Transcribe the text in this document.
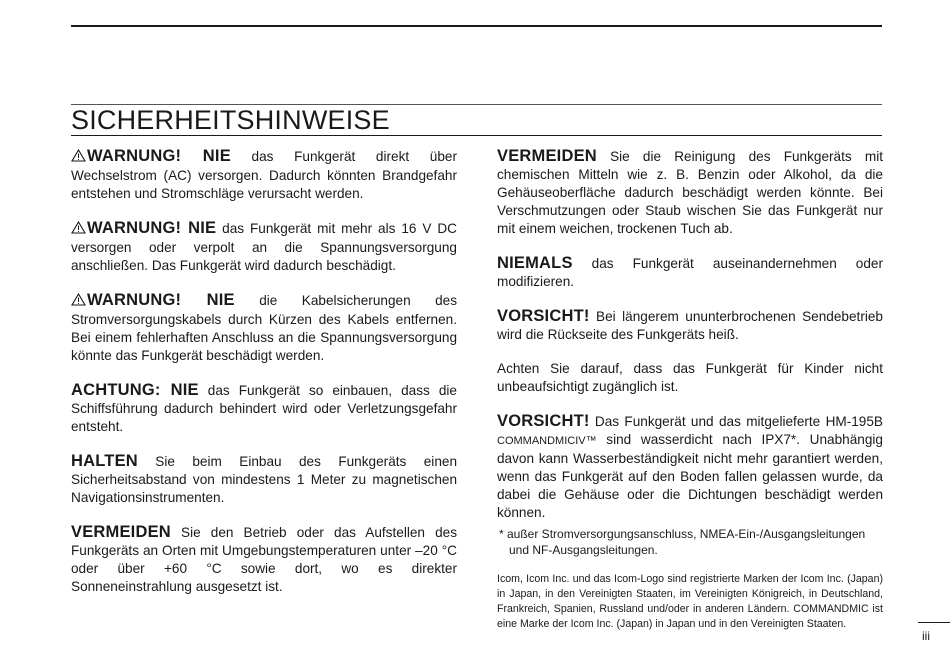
SICHERHEITSHINWEISE

WARNUNG! NIE das Funkgerät direkt über Wechselstrom (AC) versorgen. Dadurch könnten Brandgefahr entstehen und Stromschläge verursacht werden.

WARNUNG! NIE das Funkgerät mit mehr als 16 V DC versorgen oder verpolt an die Spannungsversorgung anschließen. Das Funkgerät wird dadurch beschädigt.

WARNUNG! NIE die Kabelsicherungen des Stromversorgungskabels durch Kürzen des Kabels entfernen. Bei einem fehlerhaften Anschluss an die Spannungsversorgung könnte das Funkgerät beschädigt werden.

ACHTUNG: NIE das Funkgerät so einbauen, dass die Schiffsführung dadurch behindert wird oder Verletzungsgefahr entsteht.

HALTEN Sie beim Einbau des Funkgeräts einen Sicherheitsabstand von mindestens 1 Meter zu magnetischen Navigationsinstrumenten.

VERMEIDEN Sie den Betrieb oder das Aufstellen des Funkgeräts an Orten mit Umgebungstemperaturen unter –20 °C oder über +60 °C sowie dort, wo es direkter Sonneneinstrahlung ausgesetzt ist.

VERMEIDEN Sie die Reinigung des Funkgeräts mit chemischen Mitteln wie z. B. Benzin oder Alkohol, da die Gehäuseoberfläche dadurch beschädigt werden könnte. Bei Verschmutzungen oder Staub wischen Sie das Funkgerät nur mit einem weichen, trockenen Tuch ab.

NIEMALS das Funkgerät auseinandernehmen oder modifizieren.

VORSICHT! Bei längerem ununterbrochenen Sendebetrieb wird die Rückseite des Funkgeräts heiß.

Achten Sie darauf, dass das Funkgerät für Kinder nicht unbeaufsichtigt zugänglich ist.

VORSICHT! Das Funkgerät und das mitgelieferte HM-195B COMMANDMICIV™ sind wasserdicht nach IPX7*. Unabhängig davon kann Wasserbeständigkeit nicht mehr garantiert werden, wenn das Funkgerät auf den Boden fallen gelassen wurde, da dabei die Gehäuse oder die Dichtungen beschädigt werden können.

* außer Stromversorgungsanschluss, NMEA-Ein-/Ausgangsleitungen und NF-Ausgangsleitungen.

Icom, Icom Inc. und das Icom-Logo sind registrierte Marken der Icom Inc. (Japan) in Japan, in den Vereinigten Staaten, im Vereinigten Königreich, in Deutschland, Frankreich, Spanien, Russland und/oder in anderen Ländern. COMMANDMIC ist eine Marke der Icom Inc. (Japan) in Japan und in den Vereinigten Staaten.

iii
